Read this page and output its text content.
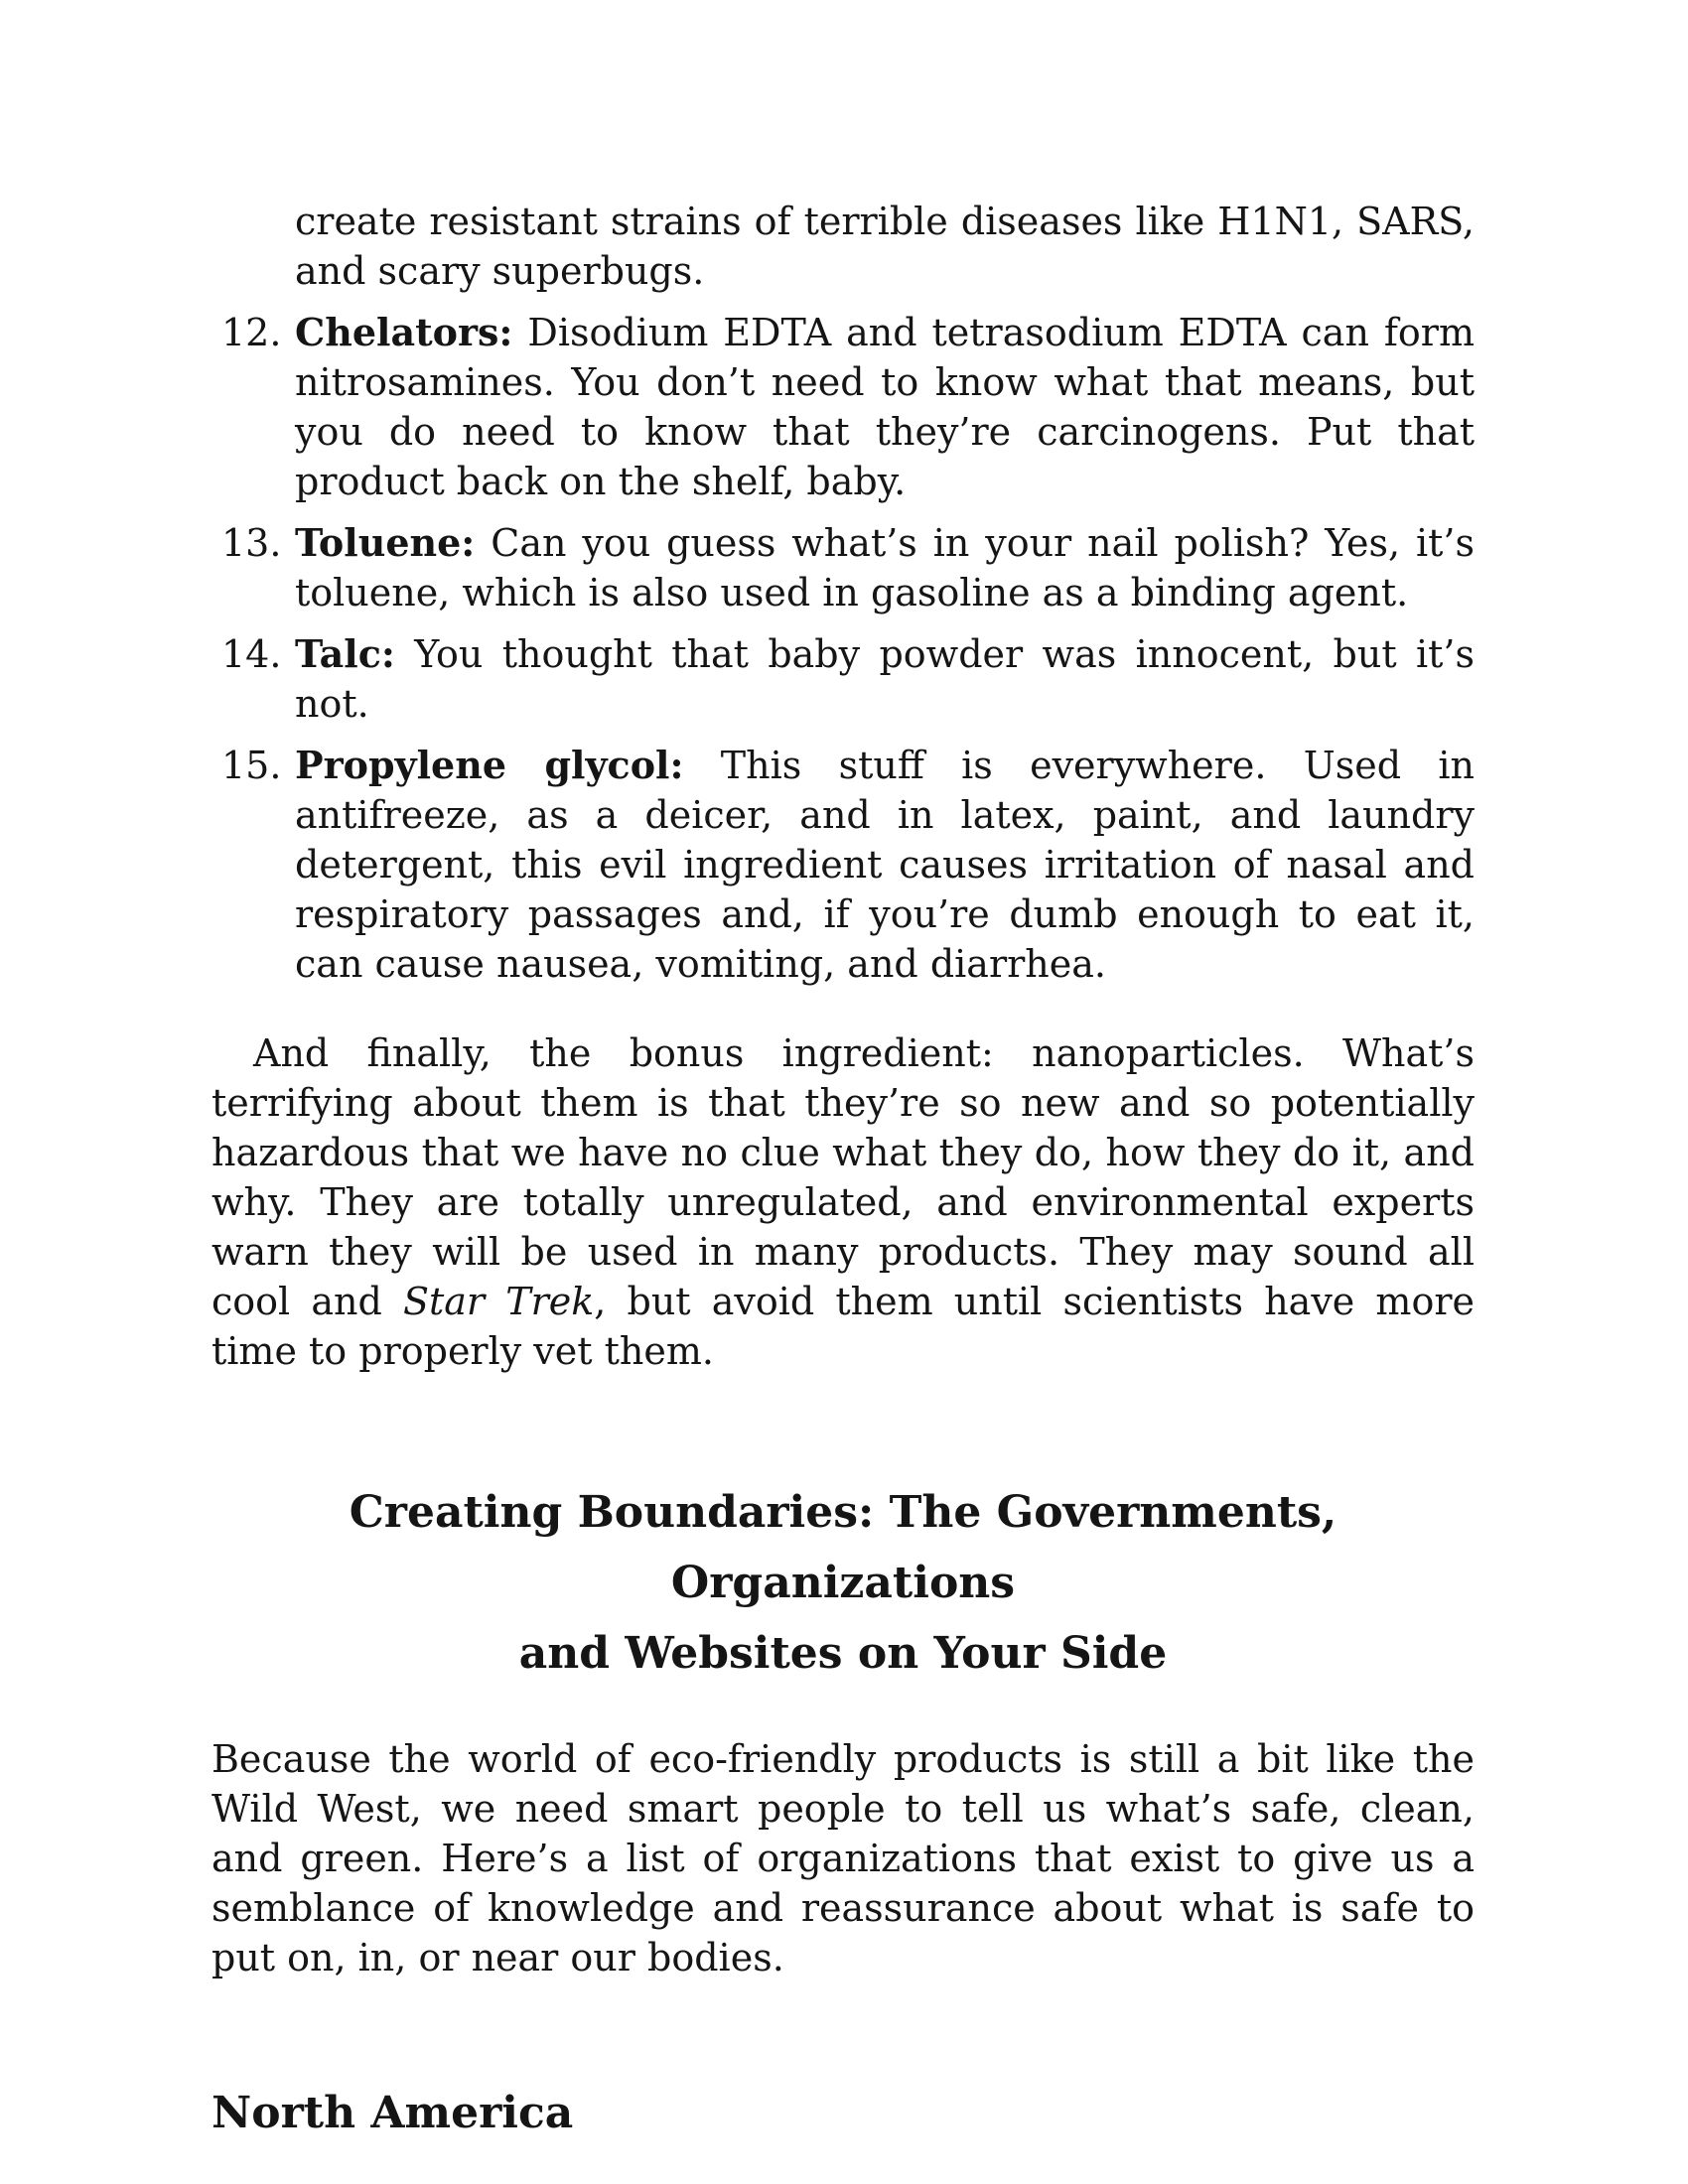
create resistant strains of terrible diseases like H1N1, SARS, and scary superbugs.

12. Chelators: Disodium EDTA and tetrasodium EDTA can form nitrosamines. You don’t need to know what that means, but you do need to know that they’re carcinogens. Put that product back on the shelf, baby.
13. Toluene: Can you guess what’s in your nail polish? Yes, it’s toluene, which is also used in gasoline as a binding agent.
14. Talc: You thought that baby powder was innocent, but it’s not.
15. Propylene glycol: This stuff is everywhere. Used in antifreeze, as a deicer, and in latex, paint, and laundry detergent, this evil ingredient causes irritation of nasal and respiratory passages and, if you’re dumb enough to eat it, can cause nausea, vomiting, and diarrhea.

And finally, the bonus ingredient: nanoparticles. What’s terrifying about them is that they’re so new and so potentially hazardous that we have no clue what they do, how they do it, and why. They are totally unregulated, and environmental experts warn they will be used in many products. They may sound all cool and Star Trek, but avoid them until scientists have more time to properly vet them.

Creating Boundaries: The Governments, Organizations
and Websites on Your Side

Because the world of eco-friendly products is still a bit like the Wild West, we need smart people to tell us what’s safe, clean, and green. Here’s a list of organizations that exist to give us a semblance of knowledge and reassurance about what is safe to put on, in, or near our bodies.

North America
